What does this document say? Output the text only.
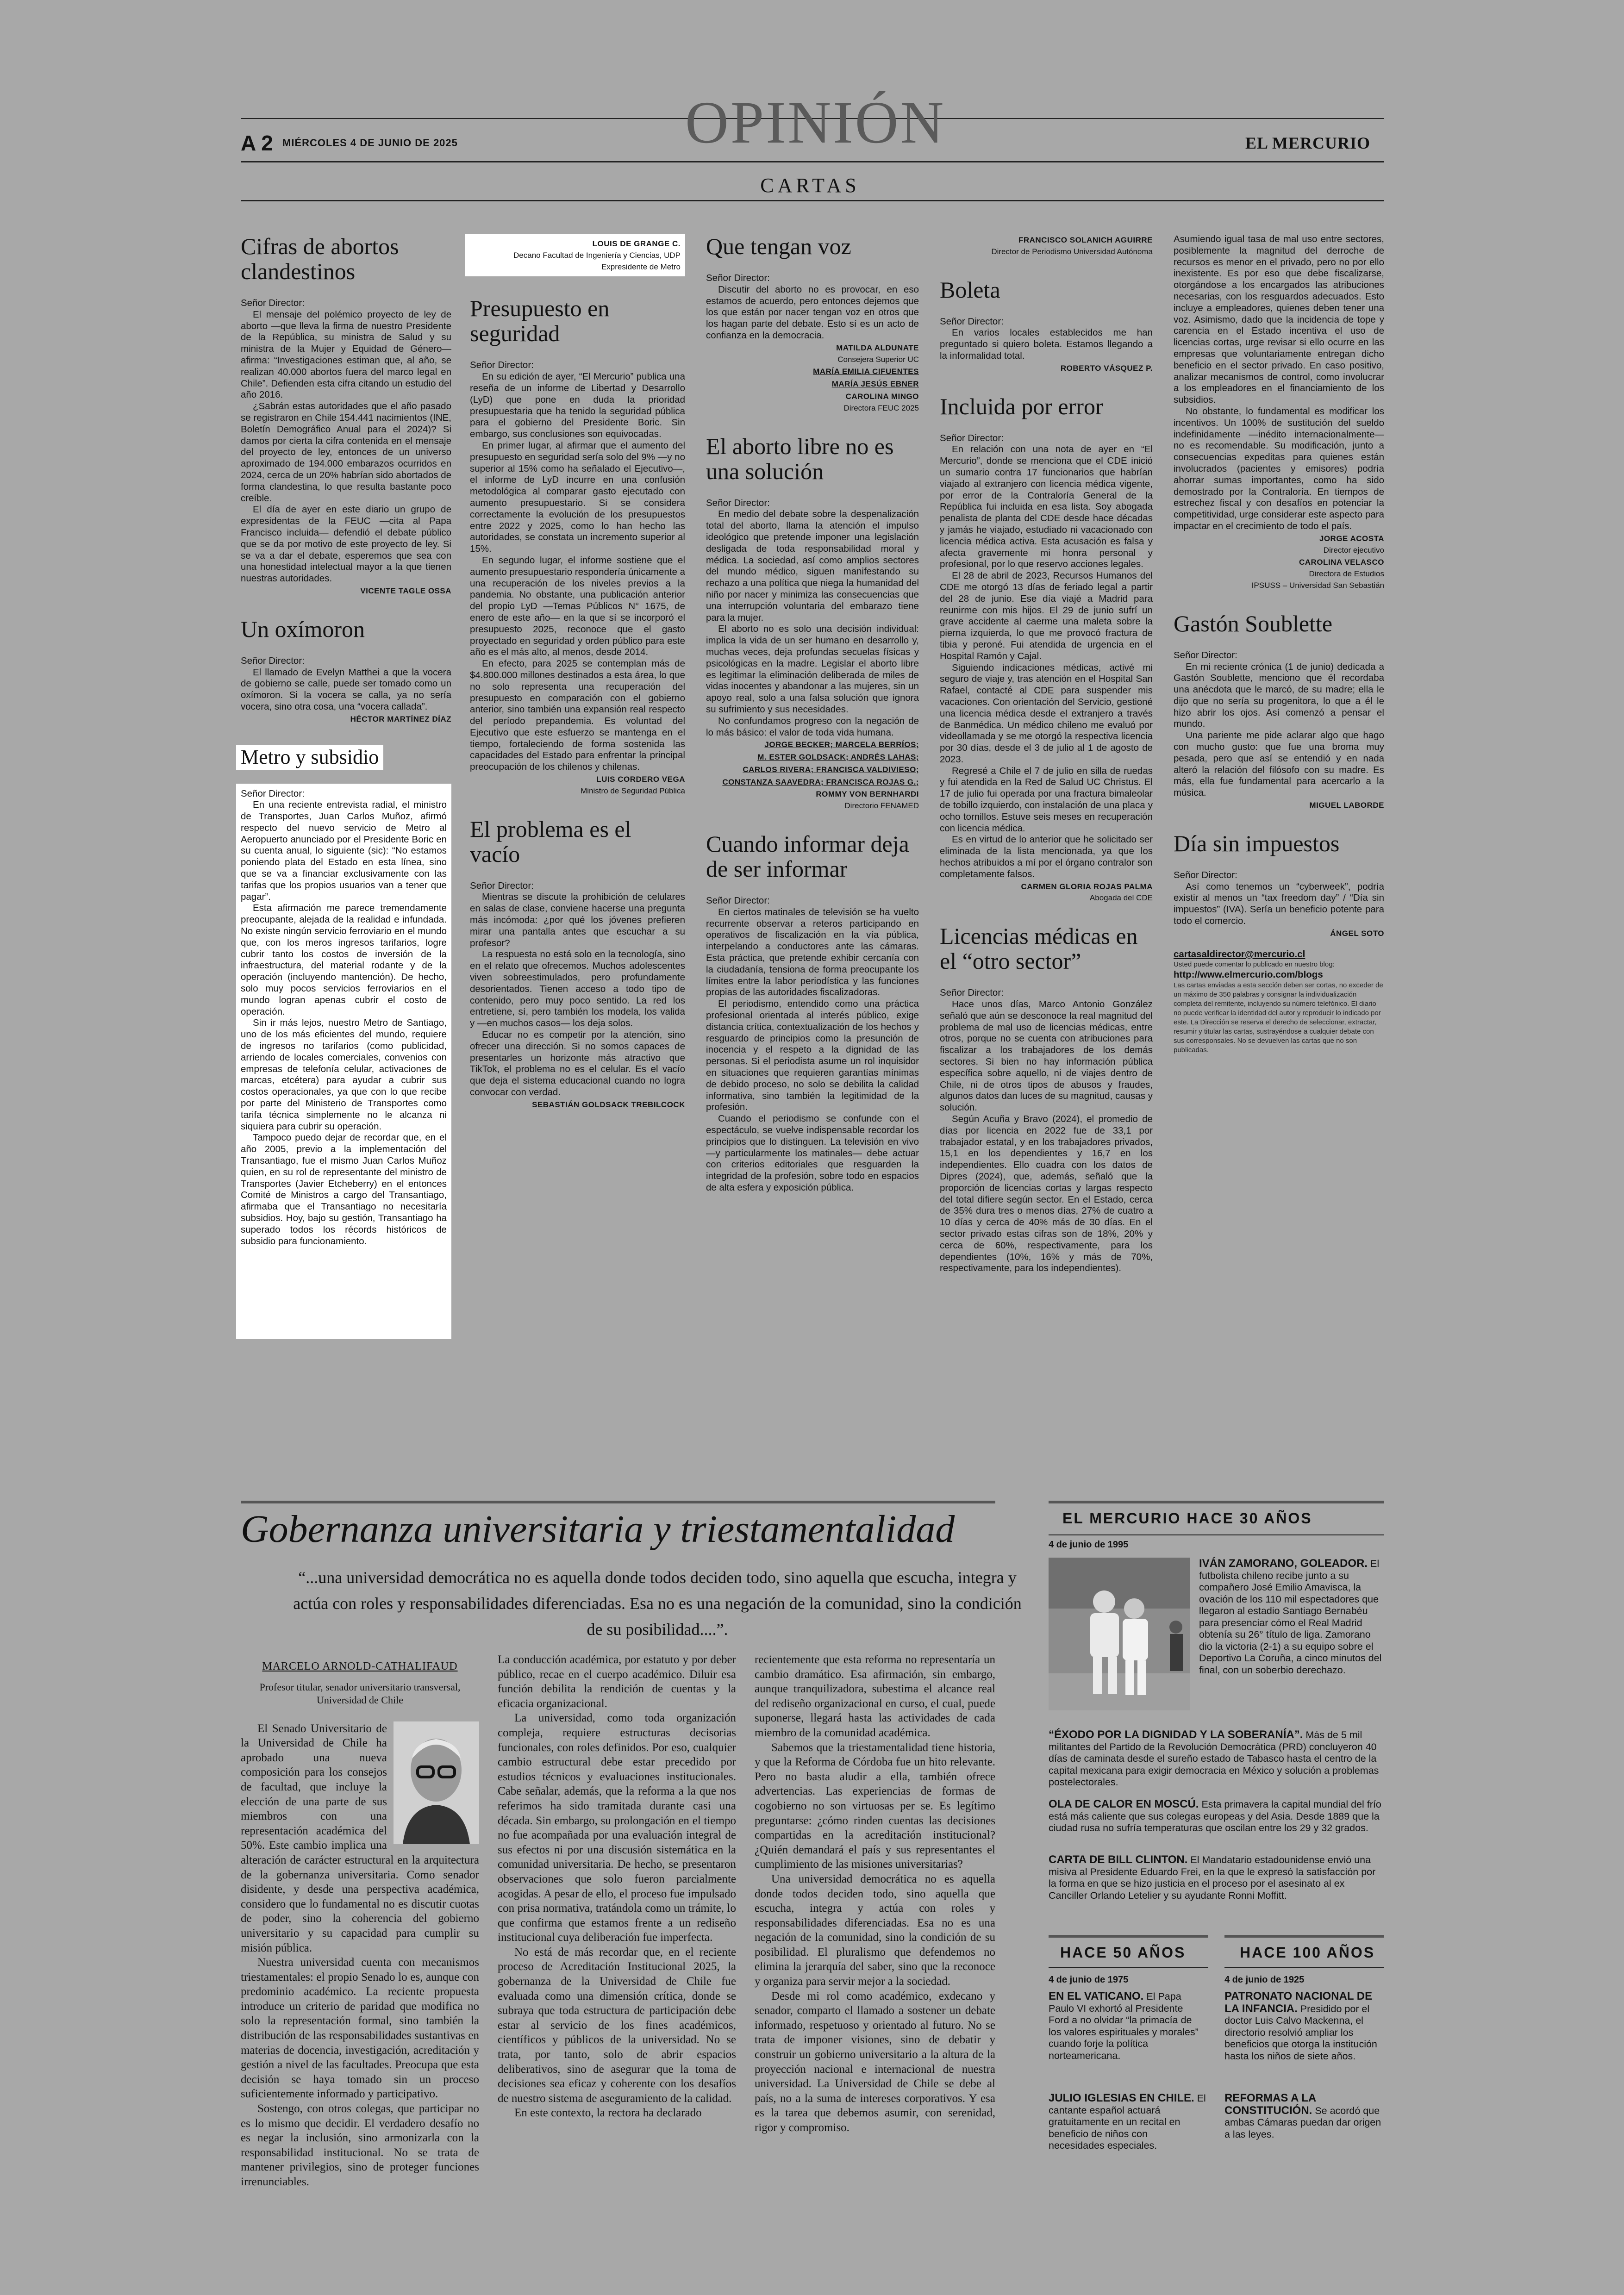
A 2 MIÉRCOLES 4 DE JUNIO DE 2025	OPINIÓN	EL MERCURIO
CARTAS
Cifras de abortos clandestinos
Señor Director:

El mensaje del polémico proyecto de ley de aborto —que lleva la firma de nuestro Presidente de la República, su ministra de Salud y su ministra de la Mujer y Equidad de Género— afirma: “Investigaciones estiman que, al año, se realizan 40.000 abortos fuera del marco legal en Chile”. Defienden esta cifra citando un estudio del año 2016.

¿Sabrán estas autoridades que el año pasado se registraron en Chile 154.441 nacimientos (INE, Boletín Demográfico Anual para el 2024)? Si damos por cierta la cifra contenida en el mensaje del proyecto de ley, entonces de un universo aproximado de 194.000 embarazos ocurridos en 2024, cerca de un 20% habrían sido abortados de forma clandestina, lo que resulta bastante poco creíble.

El día de ayer en este diario un grupo de expresidentas de la FEUC —cita al Papa Francisco incluida— defendió el debate público que se da por motivo de este proyecto de ley. Si se va a dar el debate, esperemos que sea con una honestidad intelectual mayor a la que tienen nuestras autoridades.

VICENTE TAGLE OSSA
Un oxímoron
Señor Director:

El llamado de Evelyn Matthei a que la vocera de gobierno se calle, puede ser tomado como un oxímoron. Si la vocera se calla, ya no sería vocera, sino otra cosa, una “vocera callada”.

HÉCTOR MARTÍNEZ DÍAZ
Metro y subsidio
Señor Director:

En una reciente entrevista radial, el ministro de Transportes, Juan Carlos Muñoz, afirmó respecto del nuevo servicio de Metro al Aeropuerto anunciado por el Presidente Boric en su cuenta anual, lo siguiente (sic): “No estamos poniendo plata del Estado en esta línea, sino que se va a financiar exclusivamente con las tarifas que los propios usuarios van a tener que pagar”.

Esta afirmación me parece tremendamente preocupante, alejada de la realidad e infundada. No existe ningún servicio ferroviario en el mundo que, con los meros ingresos tarifarios, logre cubrir tanto los costos de inversión de la infraestructura, del material rodante y de la operación (incluyendo mantención). De hecho, solo muy pocos servicios ferroviarios en el mundo logran apenas cubrir el costo de operación.

Sin ir más lejos, nuestro Metro de Santiago, uno de los más eficientes del mundo, requiere de ingresos no tarifarios (como publicidad, arriendo de locales comerciales, convenios con empresas de telefonía celular, activaciones de marcas, etcétera) para ayudar a cubrir sus costos operacionales, ya que con lo que recibe por parte del Ministerio de Transportes como tarifa técnica simplemente no le alcanza ni siquiera para cubrir su operación.

Tampoco puedo dejar de recordar que, en el año 2005, previo a la implementación del Transantiago, fue el mismo Juan Carlos Muñoz quien, en su rol de representante del ministro de Transportes (Javier Etcheberry) en el entonces Comité de Ministros a cargo del Transantiago, afirmaba que el Transantiago no necesitaría subsidios. Hoy, bajo su gestión, Transantiago ha superado todos los récords históricos de subsidio para funcionamiento.

LOUIS DE GRANGE C.
Decano Facultad de Ingeniería y Ciencias, UDP Expresidente de Metro
Presupuesto en seguridad
Señor Director:

En su edición de ayer, “El Mercurio” publica una reseña de un informe de Libertad y Desarrollo (LyD) que pone en duda la prioridad presupuestaria que ha tenido la seguridad pública para el gobierno del Presidente Boric. Sin embargo, sus conclusiones son equivocadas.

En primer lugar, al afirmar que el aumento del presupuesto en seguridad sería solo del 9% —y no superior al 15% como ha señalado el Ejecutivo—, el informe de LyD incurre en una confusión metodológica al comparar gasto ejecutado con aumento presupuestario. Si se considera correctamente la evolución de los presupuestos entre 2022 y 2025, como lo han hecho las autoridades, se constata un incremento superior al 15%.

En segundo lugar, el informe sostiene que el aumento presupuestario respondería únicamente a una recuperación de los niveles previos a la pandemia. No obstante, una publicación anterior del propio LyD —Temas Públicos N° 1675, de enero de este año— en la que sí se incorporó el presupuesto 2025, reconoce que el gasto proyectado en seguridad y orden público para este año es el más alto, al menos, desde 2014.

En efecto, para 2025 se contemplan más de $4.800.000 millones destinados a esta área, lo que no solo representa una recuperación del presupuesto en comparación con el gobierno anterior, sino también una expansión real respecto del período prepandemia. Es voluntad del Ejecutivo que este esfuerzo se mantenga en el tiempo, fortaleciendo de forma sostenida las capacidades del Estado para enfrentar la principal preocupación de los chilenos y chilenas.

LUIS CORDERO VEGA
Ministro de Seguridad Pública
El problema es el vacío
Señor Director:

Mientras se discute la prohibición de celulares en salas de clase, conviene hacerse una pregunta más incómoda: ¿por qué los jóvenes prefieren mirar una pantalla antes que escuchar a su profesor?

La respuesta no está solo en la tecnología, sino en el relato que ofrecemos. Muchos adolescentes viven sobreestimulados, pero profundamente desorientados. Tienen acceso a todo tipo de contenido, pero muy poco sentido. La red los entretiene, sí, pero también los modela, los valida y —en muchos casos— los deja solos.

Educar no es competir por la atención, sino ofrecer una dirección. Si no somos capaces de presentarles un horizonte más atractivo que TikTok, el problema no es el celular. Es el vacío que deja el sistema educacional cuando no logra convocar con verdad.

SEBASTIÁN GOLDSACK TREBILCOCK
Que tengan voz
Señor Director:

Discutir del aborto no es provocar, en eso estamos de acuerdo, pero entonces dejemos que los que están por nacer tengan voz en otros que los hagan parte del debate. Esto sí es un acto de confianza en la democracia.

MATILDA ALDUNATE
Consejera Superior UC
MARÍA EMILIA CIFUENTES
MARÍA JESÚS EBNER
CAROLINA MINGO
Directora FEUC 2025
El aborto libre no es una solución
Señor Director:

En medio del debate sobre la despenalización total del aborto, llama la atención el impulso ideológico que pretende imponer una legislación desligada de toda responsabilidad moral y médica. La sociedad, así como amplios sectores del mundo médico, siguen manifestando su rechazo a una política que niega la humanidad del niño por nacer y minimiza las consecuencias que una interrupción voluntaria del embarazo tiene para la mujer.

El aborto no es solo una decisión individual: implica la vida de un ser humano en desarrollo y, muchas veces, deja profundas secuelas físicas y psicológicas en la madre. Legislar el aborto libre es legitimar la eliminación deliberada de miles de vidas inocentes y abandonar a las mujeres, sin un apoyo real, solo a una falsa solución que ignora su sufrimiento y sus necesidades.

No confundamos progreso con la negación de lo más básico: el valor de toda vida humana.

JORGE BECKER; MARCELA BERRÍOS;
M. ESTER GOLDSACK; ANDRÉS LAHAS;
CARLOS RIVERA; FRANCISCA VALDIVIESO;
CONSTANZA SAAVEDRA; FRANCISCA ROJAS G.;
ROMMY VON BERNHARDI
Directorio FENAMED
Cuando informar deja de ser informar
Señor Director:

En ciertos matinales de televisión se ha vuelto recurrente observar a reteros participando en operativos de fiscalización en la vía pública, interpelando a conductores ante las cámaras. Esta práctica, que pretende exhibir cercanía con la ciudadanía, tensiona de forma preocupante los límites entre la labor periodística y las funciones propias de las autoridades fiscalizadoras.

El periodismo, entendido como una práctica profesional orientada al interés público, exige distancia crítica, contextualización de los hechos y resguardo de principios como la presunción de inocencia y el respeto a la dignidad de las personas. Si el periodista asume un rol inquisidor en situaciones que requieren garantías mínimas de debido proceso, no solo se debilita la calidad informativa, sino también la legitimidad de la profesión.

Cuando el periodismo se confunde con el espectáculo, se vuelve indispensable recordar los principios que lo distinguen. La televisión en vivo —y particularmente los matinales— debe actuar con criterios editoriales que resguarden la integridad de la profesión, sobre todo en espacios de alta esfera y exposición pública.

FRANCISCO SOLANICH AGUIRRE
Director de Periodismo Universidad Autónoma
Boleta
Señor Director:

En varios locales establecidos me han preguntado si quiero boleta. Estamos llegando a la informalidad total.

ROBERTO VÁSQUEZ P.
Incluida por error
Señor Director:

En relación con una nota de ayer en “El Mercurio”, donde se menciona que el CDE inició un sumario contra 17 funcionarios que habrían viajado al extranjero con licencia médica vigente, por error de la Contraloría General de la República fui incluida en esa lista. Soy abogada penalista de planta del CDE desde hace décadas y jamás he viajado, estudiado ni vacacionado con licencia médica activa. Esta acusación es falsa y afecta gravemente mi honra personal y profesional, por lo que reservo acciones legales.

El 28 de abril de 2023, Recursos Humanos del CDE me otorgó 13 días de feriado legal a partir del 28 de junio. Ese día viajé a Madrid para reunirme con mis hijos. El 29 de junio sufrí un grave accidente al caerme una maleta sobre la pierna izquierda, lo que me provocó fractura de tibia y peroné. Fui atendida de urgencia en el Hospital Ramón y Cajal.

Siguiendo indicaciones médicas, activé mi seguro de viaje y, tras atención en el Hospital San Rafael, contacté al CDE para suspender mis vacaciones. Con orientación del Servicio, gestioné una licencia médica desde el extranjero a través de Banmédica. Un médico chileno me evaluó por videollamada y se me otorgó la respectiva licencia por 30 días, desde el 3 de julio al 1 de agosto de 2023.

Regresé a Chile el 7 de julio en silla de ruedas y fui atendida en la Red de Salud UC Christus. El 17 de julio fui operada por una fractura bimaleolar de tobillo izquierdo, con instalación de una placa y ocho tornillos. Estuve seis meses en recuperación con licencia médica.

Es en virtud de lo anterior que he solicitado ser eliminada de la lista mencionada, ya que los hechos atribuidos a mí por el órgano contralor son completamente falsos.

CARMEN GLORIA ROJAS PALMA
Abogada del CDE
Licencias médicas en el “otro sector”
Señor Director:

Hace unos días, Marco Antonio González señaló que aún se desconoce la real magnitud del problema de mal uso de licencias médicas, entre otros, porque no se cuenta con atribuciones para fiscalizar a los trabajadores de los demás sectores. Si bien no hay información pública específica sobre aquello, ni de viajes dentro de Chile, ni de otros tipos de abusos y fraudes, algunos datos dan luces de su magnitud, causas y solución.

Según Acuña y Bravo (2024), el promedio de días por licencia en 2022 fue de 33,1 por trabajador estatal, y en los trabajadores privados, 15,1 en los dependientes y 16,7 en los independientes. Ello cuadra con los datos de Dipres (2024), que, además, señaló que la proporción de licencias cortas y largas respecto del total difiere según sector. En el Estado, cerca de 35% dura tres o menos días, 27% de cuatro a 10 días y cerca de 40% más de 30 días. En el sector privado estas cifras son de 18%, 20% y cerca de 60%, respectivamente, para los dependientes (10%, 16% y más de 70%, respectivamente, para los independientes).

Asumiendo igual tasa de mal uso entre sectores, posiblemente la magnitud del derroche de recursos es menor en el privado, pero no por ello inexistente. Es por eso que debe fiscalizarse, otorgándose a los encargados las atribuciones necesarias, con los resguardos adecuados. Esto incluye a empleadores, quienes deben tener una voz. Asimismo, dado que la incidencia de tope y carencia en el Estado incentiva el uso de licencias cortas, urge revisar si ello ocurre en las empresas que voluntariamente entregan dicho beneficio en el sector privado. En caso positivo, analizar mecanismos de control, como involucrar a los empleadores en el financiamiento de los subsidios.

No obstante, lo fundamental es modificar los incentivos. Un 100% de sustitución del sueldo indefinidamente —inédito internacionalmente— no es recomendable. Su modificación, junto a consecuencias expeditas para quienes están involucrados (pacientes y emisores) podría ahorrar sumas importantes, como ha sido demostrado por la Contraloría. En tiempos de estrechez fiscal y con desafíos en potenciar la competitividad, urge considerar este aspecto para impactar en el crecimiento de todo el país.

JORGE ACOSTA
Director ejecutivo
CAROLINA VELASCO
Directora de Estudios
IPSUSS – Universidad San Sebastián
Gastón Soublette
Señor Director:

En mi reciente crónica (1 de junio) dedicada a Gastón Soublette, menciono que él recordaba una anécdota que le marcó, de su madre; ella le dijo que no sería su progenitora, lo que a él le hizo abrir los ojos. Así comenzó a pensar el mundo.

Una pariente me pide aclarar algo que hago con mucho gusto: que fue una broma muy pesada, pero que así se entendió y en nada alteró la relación del filósofo con su madre. Es más, ella fue fundamental para acercarlo a la música.

MIGUEL LABORDE
Día sin impuestos
Señor Director:

Así como tenemos un “cyberweek”, podría existir al menos un “tax freedom day” / “Día sin impuestos” (IVA). Sería un beneficio potente para todo el comercio.

ÁNGEL SOTO
cartasaldirector@mercurio.cl
Usted puede comentar lo publicado en nuestro blog:
http://www.elmercurio.com/blogs
Las cartas enviadas a esta sección deben ser cortas, no exceder de un máximo de 350 palabras y consignar la individualización completa del remitente, incluyendo su número telefónico. El diario no puede verificar la identidad del autor y reproducir lo indicado por este. La Dirección se reserva el derecho de seleccionar, extractar, resumir y titular las cartas, sustrayéndose a cualquier debate con sus corresponsales. No se devuelven las cartas que no son publicadas.
Gobernanza universitaria y triestamentalidad
“...una universidad democrática no es aquella donde todos deciden todo, sino aquella que escucha, integra y actúa con roles y responsabilidades diferenciadas. Esa no es una negación de la comunidad, sino la condición de su posibilidad....”.
MARCELO ARNOLD-CATHALIFAUD
Profesor titular, senador universitario transversal, Universidad de Chile

El Senado Universitario de la Universidad de Chile ha aprobado una nueva composición para los consejos de facultad, que incluye la elección de una parte de sus miembros con una representación académica del 50%. Este cambio implica una alteración de carácter estructural en la arquitectura de la gobernanza universitaria. Como senador disidente, y desde una perspectiva académica, considero que lo fundamental no es discutir cuotas de poder, sino la coherencia del gobierno universitario y su capacidad para cumplir su misión pública.

Nuestra universidad cuenta con mecanismos triestamentales: el propio Senado lo es, aunque con predominio académico. La reciente propuesta introduce un criterio de paridad que modifica no solo la representación formal, sino también la distribución de las responsabilidades sustantivas en materias de docencia, investigación, acreditación y gestión a nivel de las facultades. Preocupa que esta decisión se haya tomado sin un proceso suficientemente informado y participativo.

Sostengo, con otros colegas, que participar no es lo mismo que decidir. El verdadero desafío no es negar la inclusión, sino armonizarla con la responsabilidad institucional. No se trata de mantener privilegios, sino de proteger funciones irrenunciables.

La conducción académica, por estatuto y por deber público, recae en el cuerpo académico. Diluir esa función debilita la rendición de cuentas y la eficacia organizacional.

La universidad, como toda organización compleja, requiere estructuras decisorias funcionales, con roles definidos. Por eso, cualquier cambio estructural debe estar precedido por estudios técnicos y evaluaciones institucionales. Cabe señalar, además, que la reforma a la que nos referimos ha sido tramitada durante casi una década. Sin embargo, su prolongación en el tiempo no fue acompañada por una evaluación integral de sus efectos ni por una discusión sistemática en la comunidad universitaria. De hecho, se presentaron observaciones que solo fueron parcialmente acogidas. A pesar de ello, el proceso fue impulsado con prisa normativa, tratándola como un trámite, lo que confirma que estamos frente a un rediseño institucional cuya deliberación fue imperfecta.

No está de más recordar que, en el reciente proceso de Acreditación Institucional 2025, la gobernanza de la Universidad de Chile fue evaluada como una dimensión crítica, donde se subraya que toda estructura de participación debe estar al servicio de los fines académicos, científicos y públicos de la universidad. No se trata, por tanto, solo de abrir espacios deliberativos, sino de asegurar que la toma de decisiones sea eficaz y coherente con los desafíos de nuestro sistema de aseguramiento de la calidad.

En este contexto, la rectora ha declarado

recientemente que esta reforma no representaría un cambio dramático. Esa afirmación, sin embargo, aunque tranquilizadora, subestima el alcance real del rediseño organizacional en curso, el cual, puede suponerse, llegará hasta las actividades de cada miembro de la comunidad académica.

Sabemos que la triestamentalidad tiene historia, y que la Reforma de Córdoba fue un hito relevante. Pero no basta aludir a ella, también ofrece advertencias. Las experiencias de formas de cogobierno no son virtuosas per se. Es legítimo preguntarse: ¿cómo rinden cuentas las decisiones compartidas en la acreditación institucional? ¿Quién demandará el país y sus representantes el cumplimiento de las misiones universitarias?

Una universidad democrática no es aquella donde todos deciden todo, sino aquella que escucha, integra y actúa con roles y responsabilidades diferenciadas. Esa no es una negación de la comunidad, sino la condición de su posibilidad. El pluralismo que defendemos no elimina la jerarquía del saber, sino que la reconoce y organiza para servir mejor a la sociedad.

Desde mi rol como académico, exdecano y senador, comparto el llamado a sostener un debate informado, respetuoso y orientado al futuro. No se trata de imponer visiones, sino de debatir y construir un gobierno universitario a la altura de la proyección nacional e internacional de nuestra universidad. La Universidad de Chile se debe al país, no a la suma de intereses corporativos. Y esa es la tarea que debemos asumir, con serenidad, rigor y compromiso.

EL MERCURIO HACE 30 AÑOS
4 de junio de 1995
IVÁN ZAMORANO, GOLEADOR. El futbolista chileno recibe junto a su compañero José Emilio Amavisca, la ovación de los 110 mil espectadores que llegaron al estadio Santiago Bernabéu para presenciar cómo el Real Madrid obtenía su 26° título de liga. Zamorano dio la victoria (2-1) a su equipo sobre el Deportivo La Coruña, a cinco minutos del final, con un soberbio derechazo.
“ÉXODO POR LA DIGNIDAD Y LA SOBERANÍA”. Más de 5 mil militantes del Partido de la Revolución Democrática (PRD) concluyeron 40 días de caminata desde el sureño estado de Tabasco hasta el centro de la capital mexicana para exigir democracia en México y solución a problemas postelectorales.
OLA DE CALOR EN MOSCÚ. Esta primavera la capital mundial del frío está más caliente que sus colegas europeas y del Asia. Desde 1889 que la ciudad rusa no sufría temperaturas que oscilan entre los 29 y 32 grados.
CARTA DE BILL CLINTON. El Mandatario estadounidense envió una misiva al Presidente Eduardo Frei, en la que le expresó la satisfacción por la forma en que se hizo justicia en el proceso por el asesinato al ex Canciller Orlando Letelier y su ayudante Ronni Moffitt.
HACE 50 AÑOS
4 de junio de 1975
EN EL VATICANO. El Papa Paulo VI exhortó al Presidente Ford a no olvidar “la primacía de los valores espirituales y morales” cuando forje la política norteamericana.
JULIO IGLESIAS EN CHILE. El cantante español actuará gratuitamente en un recital en beneficio de niños con necesidades especiales.
HACE 100 AÑOS
4 de junio de 1925
PATRONATO NACIONAL DE LA INFANCIA. Presidido por el doctor Luis Calvo Mackenna, el directorio resolvió ampliar los beneficios que otorga la institución hasta los niños de siete años.
REFORMAS A LA CONSTITUCIÓN. Se acordó que ambas Cámaras puedan dar origen a las leyes.
